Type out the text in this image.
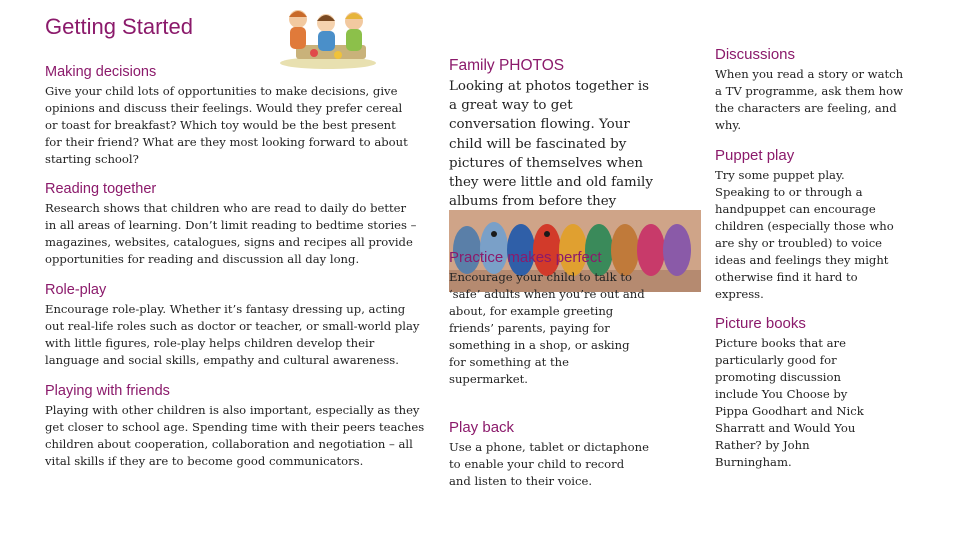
Getting Started
Making decisions

Give your child lots of opportunities to make decisions, give opinions and discuss their feelings. Would they prefer cereal or toast for breakfast? Which toy would be the best present for their friend? What are they most looking forward to about starting school?

Reading together

Research shows that children who are read to daily do better in all areas of learning. Don’t limit reading to bedtime stories – magazines, websites, catalogues, signs and recipes all provide opportunities for reading and discussion all day long.

Role-play

Encourage role-play. Whether it’s fantasy dressing up, acting out real-life roles such as doctor or teacher, or small-world play with little figures, role-play helps children develop their language and social skills, empathy and cultural awareness.

Playing with friends

Playing with other children is also important, especially as they get closer to school age. Spending time with their peers teaches children about cooperation, collaboration and negotiation – all vital skills if they are to become good communicators.

Family PHOTOS

Looking at photos together is a great way to get conversation flowing. Your child will be fascinated by pictures of themselves when they were little and old family albums from before they

Practice makes perfect

Encourage your child to talk to ‘safe’ adults when you’re out and about, for example greeting friends’ parents, paying for something in a shop, or asking for something at the supermarket.

Play back

Use a phone, tablet or dictaphone to enable your child to record and listen to their voice.

Discussions

When you read a story or watch a TV programme, ask them how the characters are feeling, and why.

Puppet play

Try some puppet play. Speaking to or through a handpuppet can encourage children (especially those who are shy or troubled) to voice ideas and feelings they might otherwise find it hard to express.

Picture books

Picture books that are particularly good for promoting discussion include You Choose by Pippa Goodhart and Nick Sharratt and Would You Rather? by John Burningham.
